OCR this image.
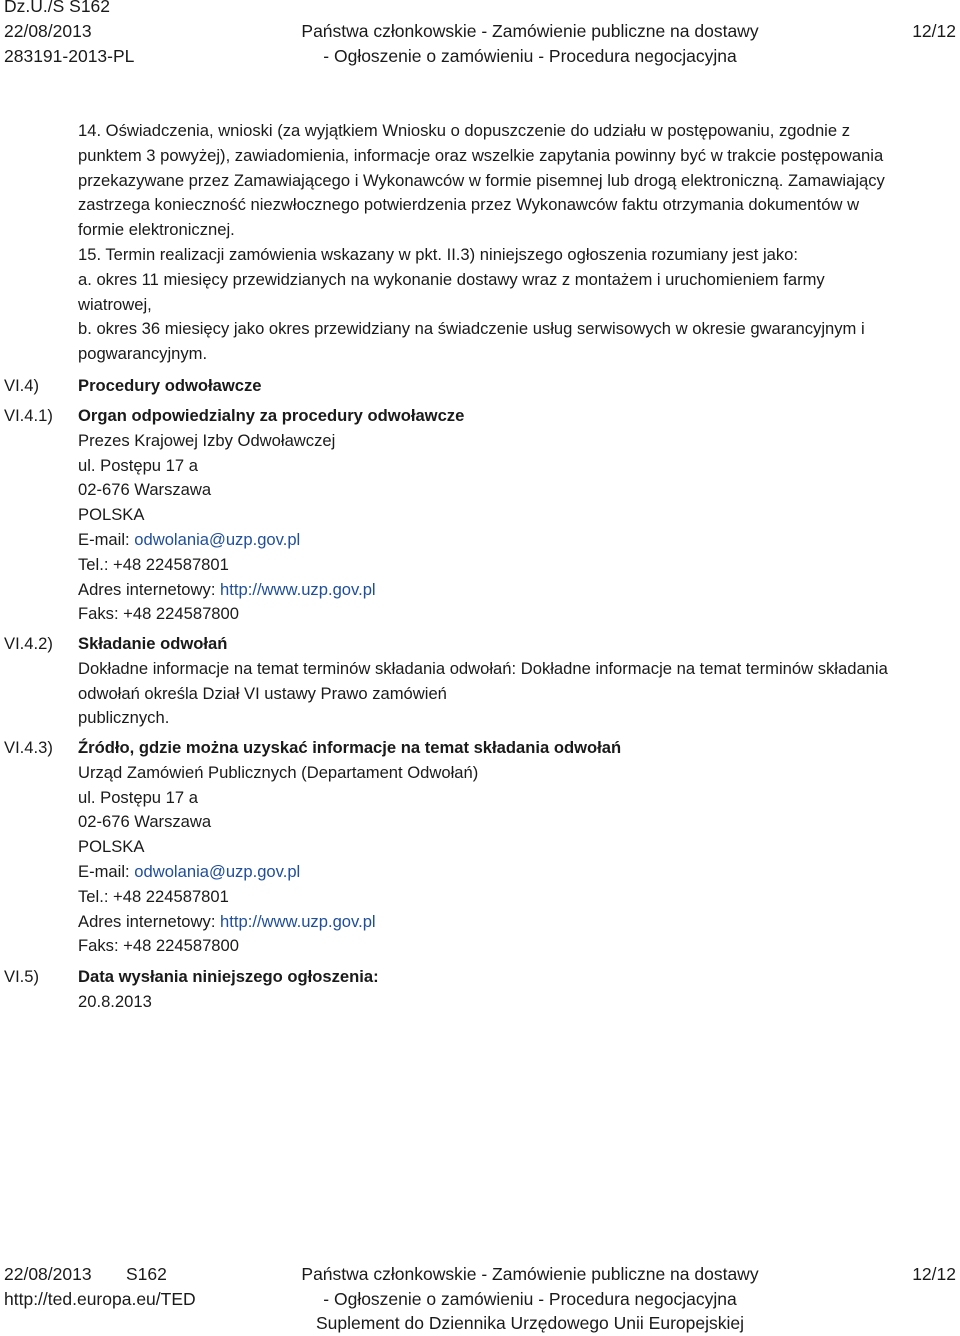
Dz.U./S S162
22/08/2013
283191-2013-PL
Państwa członkowskie - Zamówienie publiczne na dostawy
- Ogłoszenie o zamówieniu - Procedura negocjacyjna
12/12
14. Oświadczenia, wnioski (za wyjątkiem Wniosku o dopuszczenie do udziału w postępowaniu, zgodnie z
punktem 3 powyżej), zawiadomienia, informacje oraz wszelkie zapytania powinny być w trakcie postępowania
przekazywane przez Zamawiającego i Wykonawców w formie pisemnej lub drogą elektroniczną. Zamawiający
zastrzega konieczność niezwłocznego potwierdzenia przez Wykonawców faktu otrzymania dokumentów w
formie elektronicznej.
15. Termin realizacji zamówienia wskazany w pkt. II.3) niniejszego ogłoszenia rozumiany jest jako:
a. okres 11 miesięcy przewidzianych na wykonanie dostawy wraz z montażem i uruchomieniem farmy
wiatrowej,
b. okres 36 miesięcy jako okres przewidziany na świadczenie usług serwisowych w okresie gwarancyjnym i
pogwarancyjnym.
VI.4) Procedury odwoławcze
VI.4.1) Organ odpowiedzialny za procedury odwoławcze
Prezes Krajowej Izby Odwoławczej
ul. Postępu 17 a
02-676 Warszawa
POLSKA
E-mail: odwolania@uzp.gov.pl
Tel.: +48 224587801
Adres internetowy: http://www.uzp.gov.pl
Faks: +48 224587800
VI.4.2) Składanie odwołań
Dokładne informacje na temat terminów składania odwołań: Dokładne informacje na temat terminów składania
odwołań określa Dział VI ustawy Prawo zamówień
publicznych.
VI.4.3) Źródło, gdzie można uzyskać informacje na temat składania odwołań
Urząd Zamówień Publicznych (Departament Odwołań)
ul. Postępu 17 a
02-676 Warszawa
POLSKA
E-mail: odwolania@uzp.gov.pl
Tel.: +48 224587801
Adres internetowy: http://www.uzp.gov.pl
Faks: +48 224587800
VI.5) Data wysłania niniejszego ogłoszenia:
20.8.2013
22/08/2013 S162
http://ted.europa.eu/TED
Państwa członkowskie - Zamówienie publiczne na dostawy
- Ogłoszenie o zamówieniu - Procedura negocjacyjna
Suplement do Dziennika Urzędowego Unii Europejskiej
12/12
